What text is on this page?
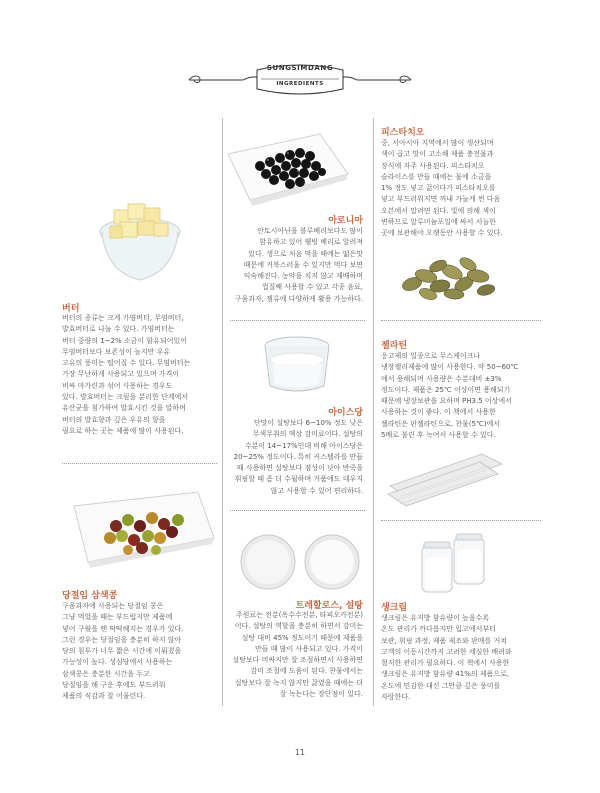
SUNGSIMDANG
INGREDIENTS
버터
버터의 종류는 크게 가염버터, 무염버터,
발효버터로 나눌 수 있다. 가염버터는
버터 중량의 1~2% 소금이 함유되어있어
무염버터보다 보존성이 높지만 우유
고유의 풍미는 떨어질 수 있다. 무염버터는
가장 무난하게 사용되고 있으며 가격이
비싸 마가린과 섞어 사용하는 경우도
있다. 발효버터는 크림을 분리한 단계에서
유산균을 첨가하여 발효시킨 것을 말하며
버터의 발효향과 깊은 우유의 향을
필요로 하는 곳는 제품에 많이 사용된다.
당절임 삼색콩
구움과자에 사용되는 당절임 콩은
그냥 먹었을 때는 부드럽지만 제품에
넣어 구웠을 땐 딱딱해지는 경우가 있다.
그런 경우는 당절임을 충분히 하지 않아
당의 침투가 너무 짧은 시간에 이뤄졌을
가능성이 높다. 성심당에서 사용하는
삼색콩은 충분한 시간을 두고
당절임을 해 구운 후에도 부드러워
제품의 식감과 잘 어울린다.
아로니아
안토시아닌을 블루베리보다도 많이
함유하고 있어 웰빙 베리로 알려져
있다. 생으로 처음 먹을 때에는 떫은맛
때문에 거북스러울 수 있지만 먹다 보면
익숙해진다. 농약을 치지 않고 재배하며
껍질째 사용할 수 있고 각종 음료,
구움과자, 잼류에 다양하게 활용 가능하다.
아이스당
단맛이 설탕보다 6~10% 정도 낮은
무색무취의 액상 감미료이다. 설탕의
수분이 14~17%인데 비해 아이스당은
20~25% 정도이다. 특히 커스텔라를 만들
때 사용하면 설탕보다 점성이 낮아 반죽을
휘핑할 때 좀 더 수월하며 거품에도 데우지
않고 사용할 수 있어 편리하다.
트레할로스, 설탕
주원료는 전분(옥수수전분, 타피오카전분)
이다. 설탕의 역할을 충분히 하면서 감미는
설탕 대비 45% 정도이기 때문에 제품을
만들 때 많이 사용되고 있다. 가격이
설탕보다 비싸지만 잘 조절하면서 사용하면
감미 조절에 도움이 된다. 찬물에서는
설탕보다 잘 녹지 않지만 끓였을 때에는 더
잘 녹는다는 장단점이 있다.
피스타치오
중, 서아시아 지역에서 많이 생산되며
색이 곱고 맛이 고소해 제품 충전물과
장식에 자주 사용된다. 피스타치오
슬라이스를 만들 때에는 물에 소금을
1% 정도 넣고 끓이다가 피스타치오를
넣고 부드러워지면 꺼내 가늘게 썬 다음
오븐에서 말려면 된다. 빛에 의해 색이
변하므로 알루미늄포일에 싸서 서늘한
곳에 보관해야 오랫동안 사용할 수 있다.
젤라틴
응고제의 일종으로 무스케이크나
냉장젤리제품에 많이 사용한다. 약 50~60℃
에서 용해되며 사용량은 수분대비 ±3%
정도이다. 제품은 25℃ 이상이면 용해되기
때문에 냉장보관을 요하며 PH3.5 이상에서
사용하는 것이 좋다. 이 책에서 사용한
젤라틴은 판젤라틴으로, 찬물(5℃)에서
5배로 불린 후 녹여서 사용할 수 있다.
생크림
생크림은 유지방 함유량이 높을수록
온도 관리가 까다롭지만 입고에서부터
보관, 휘핑 과정, 제품 제조와 판매를 거쳐
고객의 이동시간까지 고려한 세심한 배려와
철저한 관리가 필요하다. 이 책에서 사용한
생크림은 유지방 함유량 41%의 제품으로,
온도에 민감한 대신 그만큼 깊은 풍미를
자랑한다.
11
